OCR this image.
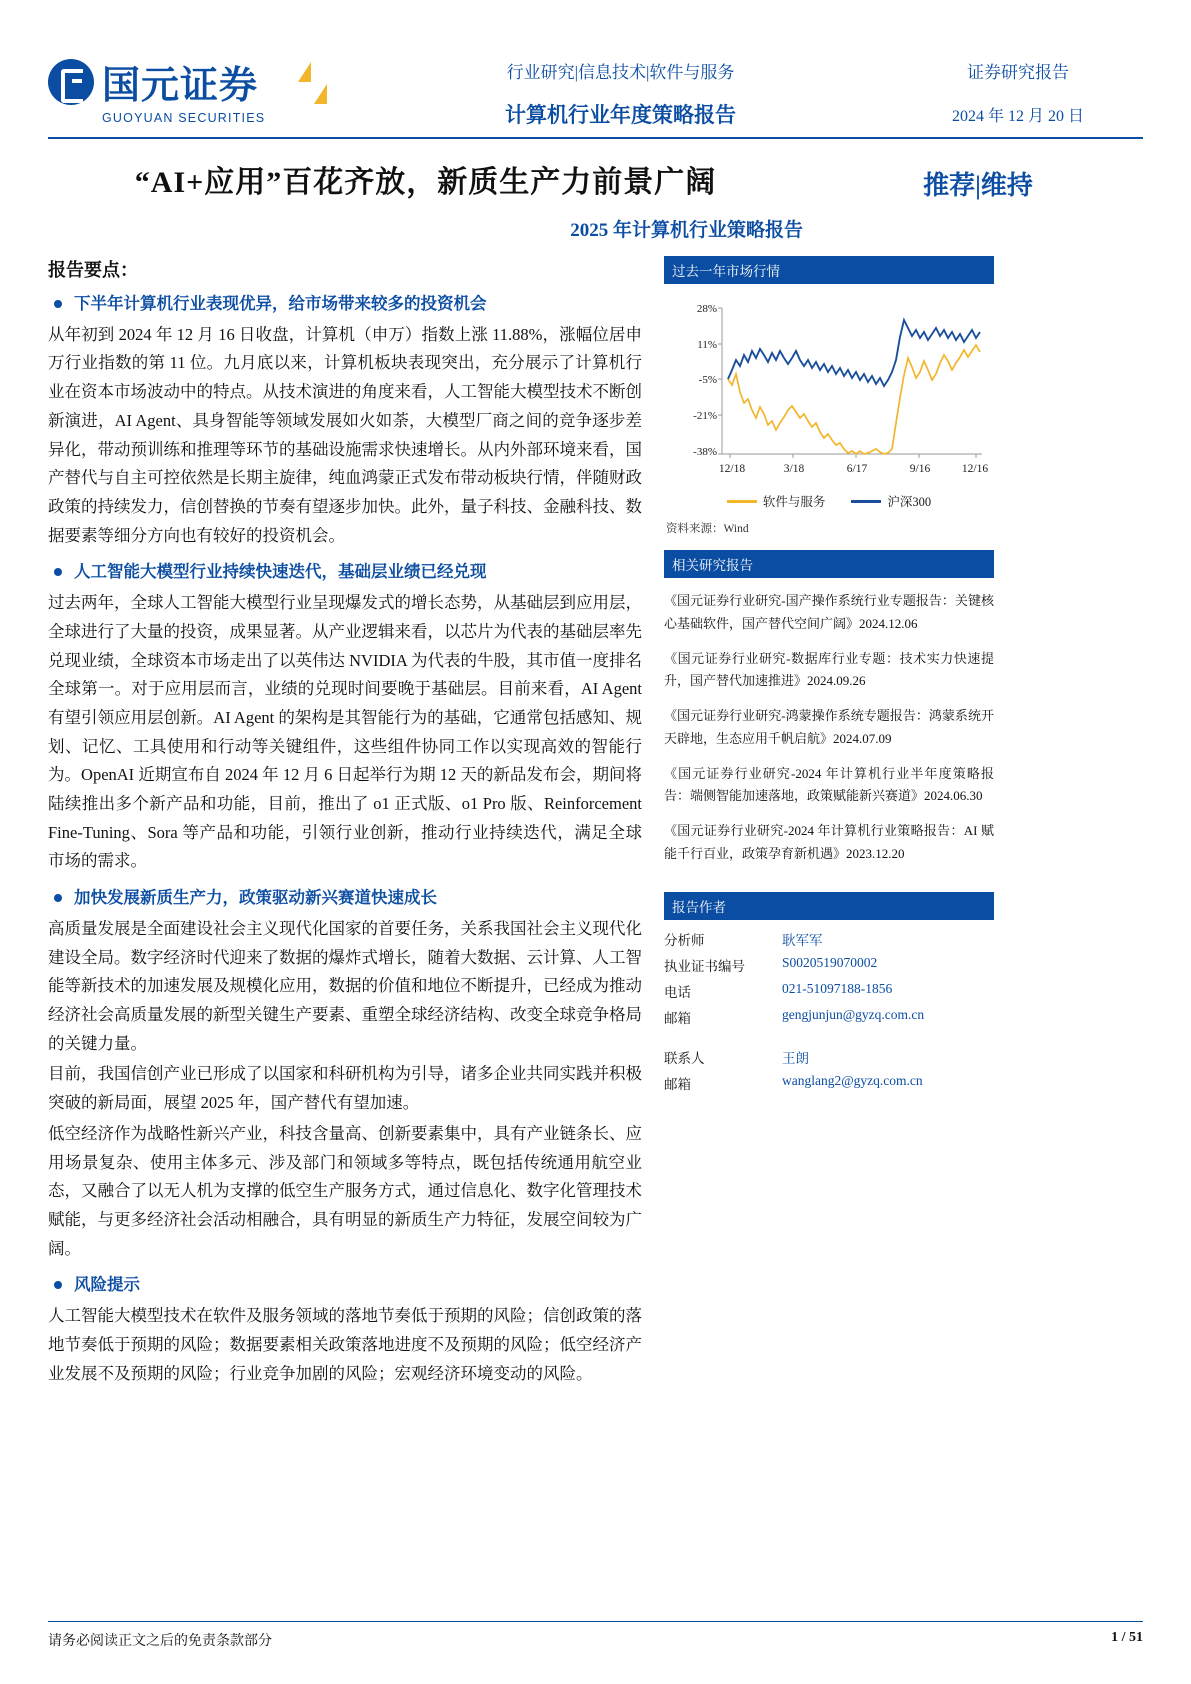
国元证券
GUOYUAN SECURITIES
行业研究|信息技术|软件与服务
计算机行业年度策略报告
证券研究报告
2024 年 12 月 20 日
“AI+应用”百花齐放，新质生产力前景广阔
2025 年计算机行业策略报告
推荐|维持
报告要点：
下半年计算机行业表现优异，给市场带来较多的投资机会

从年初到 2024 年 12 月 16 日收盘，计算机（申万）指数上涨 11.88%，涨幅位居申万行业指数的第 11 位。九月底以来，计算机板块表现突出，充分展示了计算机行业在资本市场波动中的特点。从技术演进的角度来看，人工智能大模型技术不断创新演进，AI Agent、具身智能等领域发展如火如荼，大模型厂商之间的竞争逐步差异化，带动预训练和推理等环节的基础设施需求快速增长。从内外部环境来看，国产替代与自主可控依然是长期主旋律，纯血鸿蒙正式发布带动板块行情，伴随财政政策的持续发力，信创替换的节奏有望逐步加快。此外，量子科技、金融科技、数据要素等细分方向也有较好的投资机会。

人工智能大模型行业持续快速迭代，基础层业绩已经兑现

过去两年，全球人工智能大模型行业呈现爆发式的增长态势，从基础层到应用层，全球进行了大量的投资，成果显著。从产业逻辑来看，以芯片为代表的基础层率先兑现业绩，全球资本市场走出了以英伟达 NVIDIA 为代表的牛股，其市值一度排名全球第一。对于应用层而言，业绩的兑现时间要晚于基础层。目前来看，AI Agent 有望引领应用层创新。AI Agent 的架构是其智能行为的基础，它通常包括感知、规划、记忆、工具使用和行动等关键组件，这些组件协同工作以实现高效的智能行为。OpenAI 近期宣布自 2024 年 12 月 6 日起举行为期 12 天的新品发布会，期间将陆续推出多个新产品和功能，目前，推出了 o1 正式版、o1 Pro 版、Reinforcement Fine-Tuning、Sora 等产品和功能，引领行业创新，推动行业持续迭代，满足全球市场的需求。

加快发展新质生产力，政策驱动新兴赛道快速成长

高质量发展是全面建设社会主义现代化国家的首要任务，关系我国社会主义现代化建设全局。数字经济时代迎来了数据的爆炸式增长，随着大数据、云计算、人工智能等新技术的加速发展及规模化应用，数据的价值和地位不断提升，已经成为推动经济社会高质量发展的新型关键生产要素、重塑全球经济结构、改变全球竞争格局的关键力量。

目前，我国信创产业已形成了以国家和科研机构为引导，诸多企业共同实践并积极突破的新局面，展望 2025 年，国产替代有望加速。

低空经济作为战略性新兴产业，科技含量高、创新要素集中，具有产业链条长、应用场景复杂、使用主体多元、涉及部门和领域多等特点，既包括传统通用航空业态，又融合了以无人机为支撑的低空生产服务方式，通过信息化、数字化管理技术赋能，与更多经济社会活动相融合，具有明显的新质生产力特征，发展空间较为广阔。

风险提示

人工智能大模型技术在软件及服务领域的落地节奏低于预期的风险；信创政策的落地节奏低于预期的风险；数据要素相关政策落地进度不及预期的风险；低空经济产业发展不及预期的风险；行业竞争加剧的风险；宏观经济环境变动的风险。

过去一年市场行情
28%
11%
-5%
-21%
-38%
12/18	3/18	6/17	9/16	12/16
软件与服务	沪深300
资料来源：Wind
相关研究报告
《国元证券行业研究-国产操作系统行业专题报告：关键核心基础软件，国产替代空间广阔》2024.12.06
《国元证券行业研究-数据库行业专题：技术实力快速提升，国产替代加速推进》2024.09.26
《国元证券行业研究-鸿蒙操作系统专题报告：鸿蒙系统开天辟地，生态应用千帆启航》2024.07.09
《国元证券行业研究-2024 年计算机行业半年度策略报告：端侧智能加速落地，政策赋能新兴赛道》2024.06.30
《国元证券行业研究-2024 年计算机行业策略报告：AI 赋能千行百业，政策孕育新机遇》2023.12.20
报告作者
分析师	耿军军
执业证书编号	S0020519070002
电话	021-51097188-1856
邮箱	gengjunjun@gyzq.com.cn
联系人	王朗
邮箱	wanglang2@gyzq.com.cn
请务必阅读正文之后的免责条款部分	1 / 51
